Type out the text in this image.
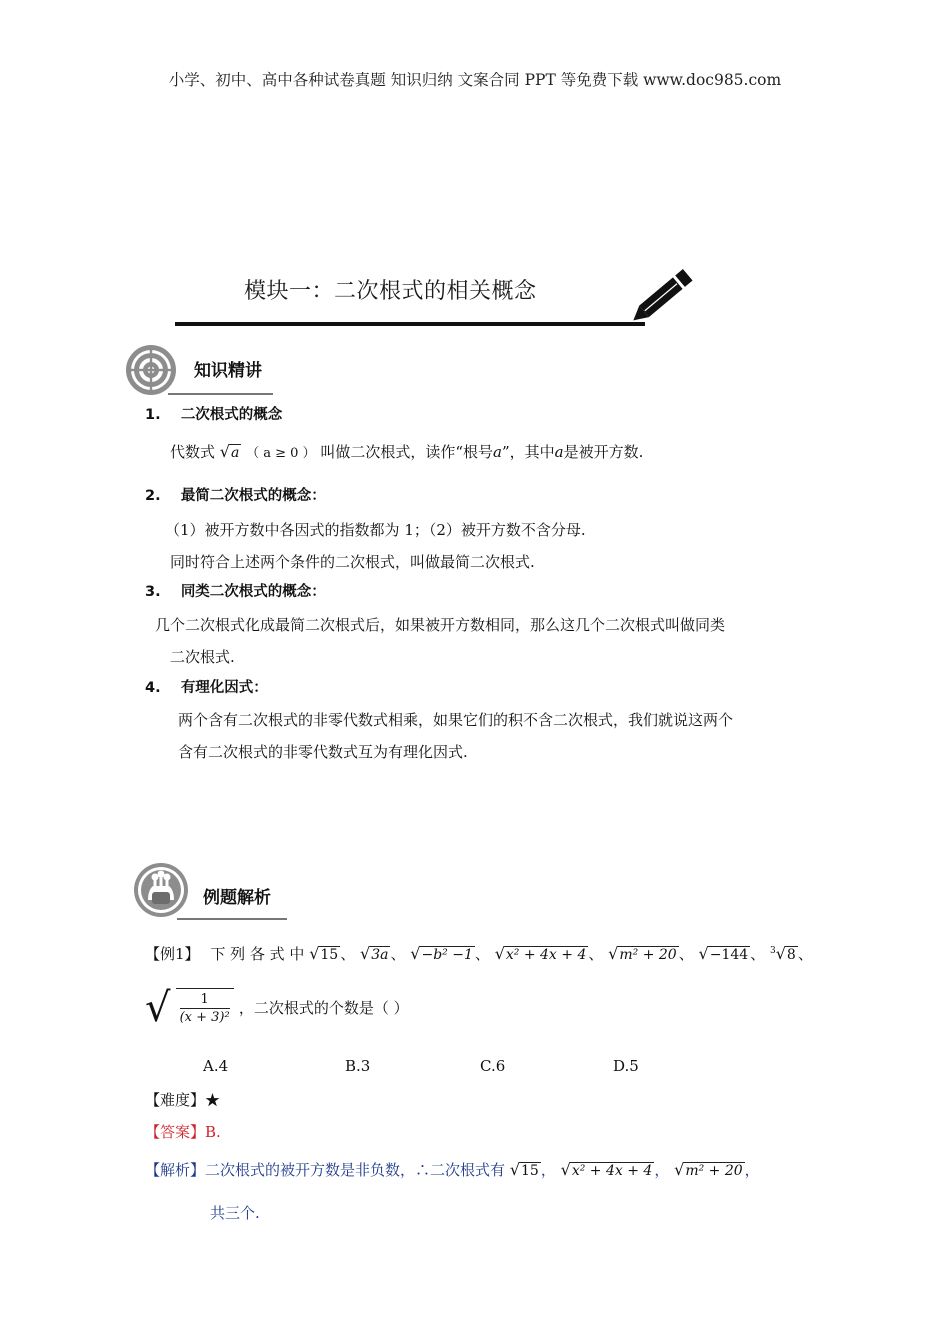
小学、初中、高中各种试卷真题 知识归纳 文案合同 PPT 等免费下载 www.doc985.com
模块一：二次根式的相关概念
知识精讲
1. 二次根式的概念
代数式 √a （ a ≥ 0 ） 叫做二次根式，读作“根号a”，其中a是被开方数.
2. 最简二次根式的概念：
（1）被开方数中各因式的指数都为 1；（2）被开方数不含分母.
同时符合上述两个条件的二次根式，叫做最简二次根式.
3. 同类二次根式的概念：
几个二次根式化成最简二次根式后，如果被开方数相同，那么这几个二次根式叫做同类
二次根式.
4. 有理化因式：
两个含有二次根式的非零代数式相乘，如果它们的积不含二次根式，我们就说这两个
含有二次根式的非零代数式互为有理化因式.
例题解析
【例1】 下 列 各 式 中 √15 、 √3a 、 √−b² −1 、 √x² + 4x + 4 、 √m² + 20 、 √−144 、 $^3$√8 、
√ $\frac{1}{\text{(x + 3)²}}$ ，二次根式的个数是（ ）
A.4	B.3	C.6	D.5
【难度】★
【答案】B.
【解析】二次根式的被开方数是非负数，∴二次根式有 √15 ， √x² + 4x + 4 ， √m² + 20 ，
共三个.
